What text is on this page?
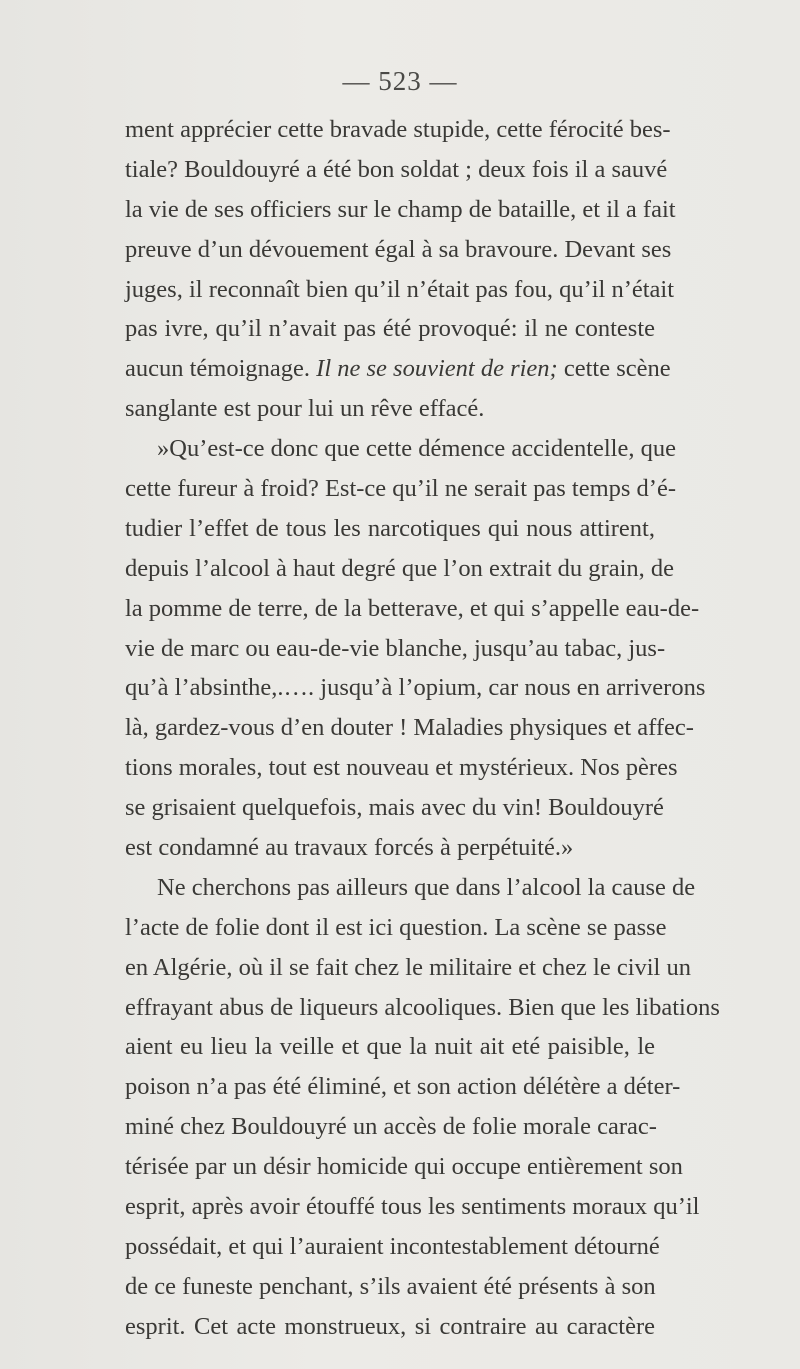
— 523 —
ment apprécier cette bravade stupide, cette férocité bes-
tiale? Bouldouyré a été bon soldat ; deux fois il a sauvé
la vie de ses officiers sur le champ de bataille, et il a fait
preuve d’un dévouement égal à sa bravoure. Devant ses
juges, il reconnaît bien qu’il n’était pas fou, qu’il n’était
pas ivre, qu’il n’avait pas été provoqué: il ne conteste
aucun témoignage. Il ne se souvient de rien; cette scène
sanglante est pour lui un rêve effacé.
»Qu’est-ce donc que cette démence accidentelle, que
cette fureur à froid? Est-ce qu’il ne serait pas temps d’é-
tudier l’effet de tous les narcotiques qui nous attirent,
depuis l’alcool à haut degré que l’on extrait du grain, de
la pomme de terre, de la betterave, et qui s’appelle eau-de-
vie de marc ou eau-de-vie blanche, jusqu’au tabac, jus-
qu’à l’absinthe,.…. jusqu’à l’opium, car nous en arriverons
là, gardez-vous d’en douter ! Maladies physiques et affec-
tions morales, tout est nouveau et mystérieux. Nos pères
se grisaient quelquefois, mais avec du vin! Bouldouyré
est condamné au travaux forcés à perpétuité.»
Ne cherchons pas ailleurs que dans l’alcool la cause de
l’acte de folie dont il est ici question. La scène se passe
en Algérie, où il se fait chez le militaire et chez le civil un
effrayant abus de liqueurs alcooliques. Bien que les libations
aient eu lieu la veille et que la nuit ait eté paisible, le
poison n’a pas été éliminé, et son action délétère a déter-
miné chez Bouldouyré un accès de folie morale carac-
térisée par un désir homicide qui occupe entièrement son
esprit, après avoir étouffé tous les sentiments moraux qu’il
possédait, et qui l’auraient incontestablement détourné
de ce funeste penchant, s’ils avaient été présents à son
esprit. Cet acte monstrueux, si contraire au caractère
